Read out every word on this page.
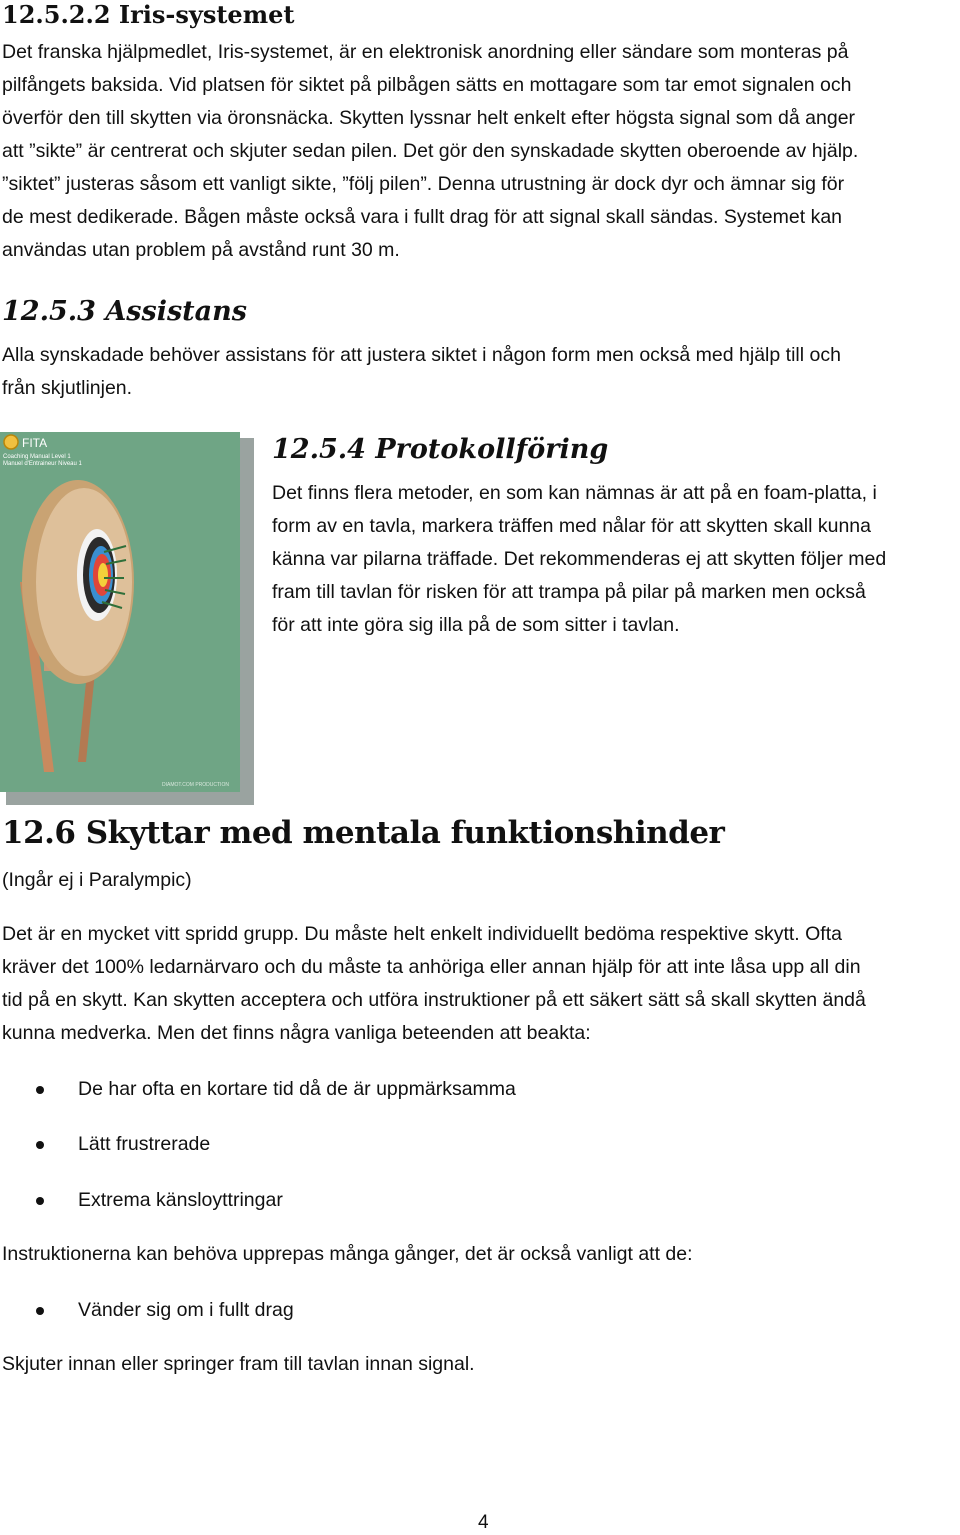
12.5.2.2 Iris-systemet
Det franska hjälpmedlet, Iris-systemet, är en elektronisk anordning eller sändare som monteras på
pilfångets baksida. Vid platsen för siktet på pilbågen sätts en mottagare som tar emot signalen och
överför den till skytten via öronsnäcka. Skytten lyssnar helt enkelt efter högsta signal som då anger
att ”sikte” är centrerat och skjuter sedan pilen. Det gör den synskadade skytten oberoende av hjälp.
”siktet” justeras såsom ett vanligt sikte, ”följ pilen”. Denna utrustning är dock dyr och ämnar sig för
de mest dedikerade. Bågen måste också vara i fullt drag för att signal skall sändas. Systemet kan
användas utan problem på avstånd runt 30 m.
12.5.3 Assistans
Alla synskadade behöver assistans för att justera siktet i någon form men också med hjälp till och
från skjutlinjen.
FITA
Coaching Manual Level 1
Manuel d'Entraineur Niveau 1
DIAMOT.COM PRODUCTION
12.5.4 Protokollföring
Det finns flera metoder, en som kan nämnas är att på en foam-platta, i
form av en tavla, markera träffen med nålar för att skytten skall kunna
känna var pilarna träffade. Det rekommenderas ej att skytten följer med
fram till tavlan för risken för att trampa på pilar på marken men också
för att inte göra sig illa på de som sitter i tavlan.
12.6 Skyttar med mentala funktionshinder
(Ingår ej i Paralympic)
Det är en mycket vitt spridd grupp. Du måste helt enkelt individuellt bedöma respektive skytt. Ofta
kräver det 100% ledarnärvaro och du måste ta anhöriga eller annan hjälp för att inte låsa upp all din
tid på en skytt. Kan skytten acceptera och utföra instruktioner på ett säkert sätt så skall skytten ändå
kunna medverka. Men det finns några vanliga beteenden att beakta:
De har ofta en kortare tid då de är uppmärksamma
Lätt frustrerade
Extrema känsloyttringar
Instruktionerna kan behöva upprepas många gånger, det är också vanligt att de:
Vänder sig om i fullt drag
Skjuter innan eller springer fram till tavlan innan signal.
4
